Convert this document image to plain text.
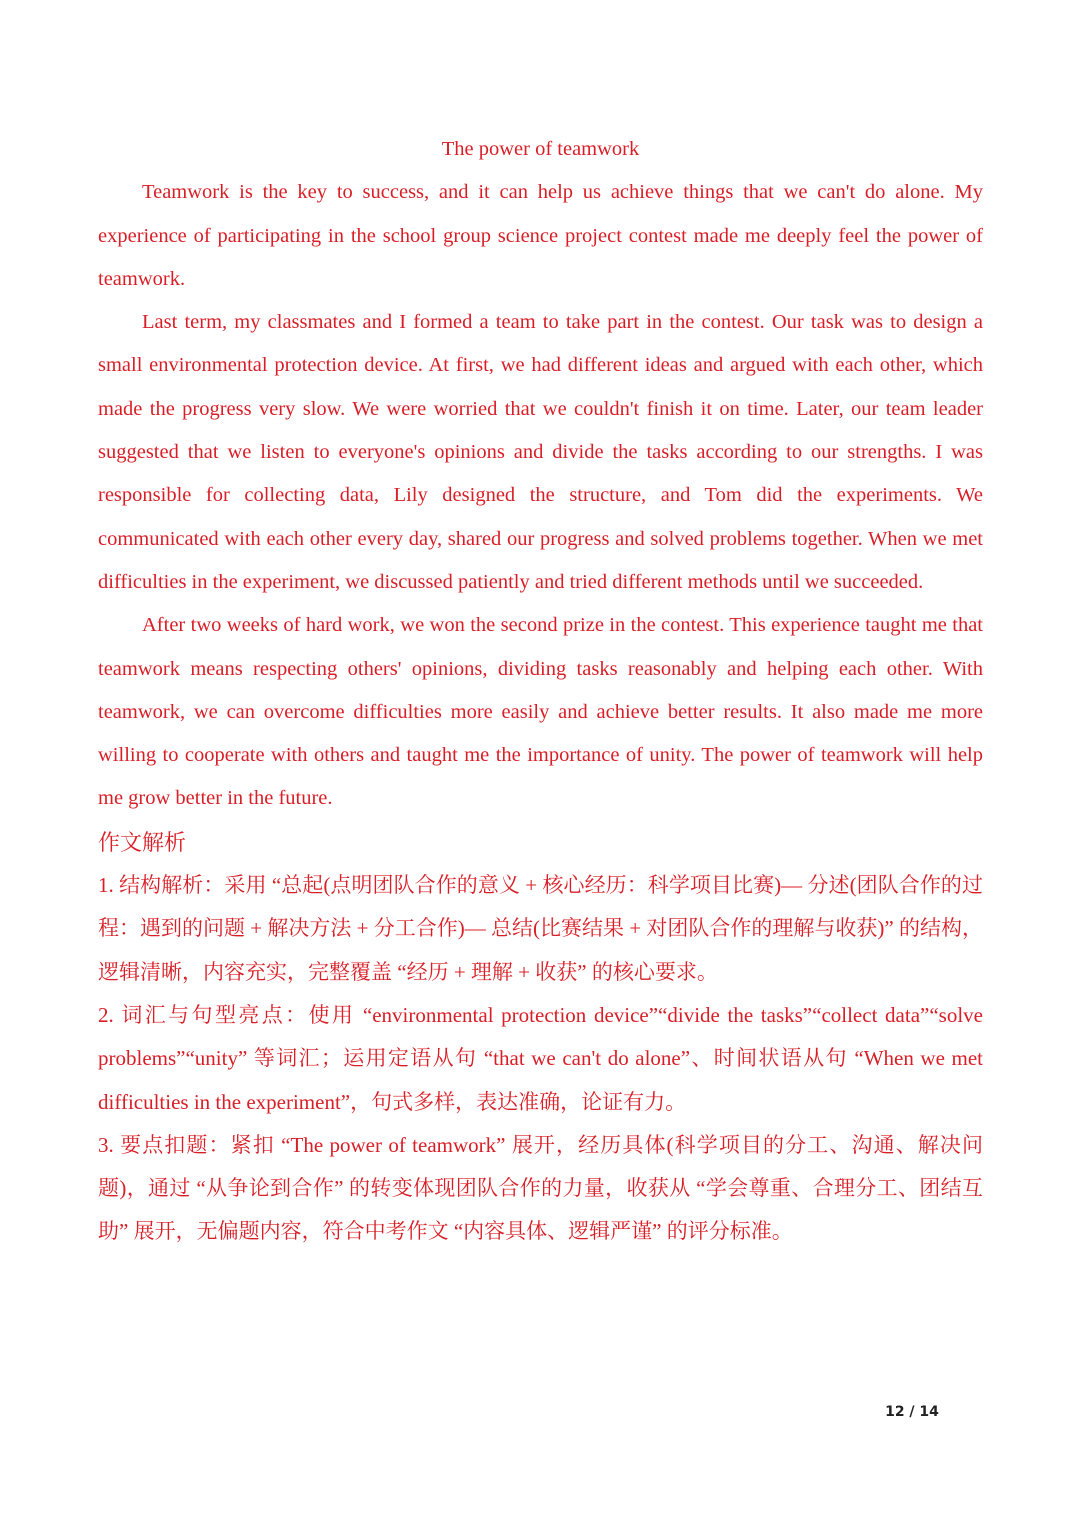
The power of teamwork

Teamwork is the key to success, and it can help us achieve things that we can't do alone. My experience of participating in the school group science project contest made me deeply feel the power of teamwork.

Last term, my classmates and I formed a team to take part in the contest. Our task was to design a small environmental protection device. At first, we had different ideas and argued with each other, which made the progress very slow. We were worried that we couldn't finish it on time. Later, our team leader suggested that we listen to everyone's opinions and divide the tasks according to our strengths. I was responsible for collecting data, Lily designed the structure, and Tom did the experiments. We communicated with each other every day, shared our progress and solved problems together. When we met difficulties in the experiment, we discussed patiently and tried different methods until we succeeded.

After two weeks of hard work, we won the second prize in the contest. This experience taught me that teamwork means respecting others' opinions, dividing tasks reasonably and helping each other. With teamwork, we can overcome difficulties more easily and achieve better results. It also made me more willing to cooperate with others and taught me the importance of unity. The power of teamwork will help me grow better in the future.

作文解析

1. 结构解析：采用 “总起(点明团队合作的意义 + 核心经历：科学项目比赛)— 分述(团队合作的过程：遇到的问题 + 解决方法 + 分工合作)— 总结(比赛结果 + 对团队合作的理解与收获)” 的结构，逻辑清晰，内容充实，完整覆盖 “经历 + 理解 + 收获” 的核心要求。

2. 词汇与句型亮点：使用 “environmental protection device”“divide the tasks”“collect data”“solve problems”“unity” 等词汇；运用定语从句 “that we can't do alone”、时间状语从句 “When we met difficulties in the experiment”，句式多样，表达准确，论证有力。

3. 要点扣题：紧扣 “The power of teamwork” 展开，经历具体(科学项目的分工、沟通、解决问题)，通过 “从争论到合作” 的转变体现团队合作的力量，收获从 “学会尊重、合理分工、团结互助” 展开，无偏题内容，符合中考作文 “内容具体、逻辑严谨” 的评分标准。

12 / 14
